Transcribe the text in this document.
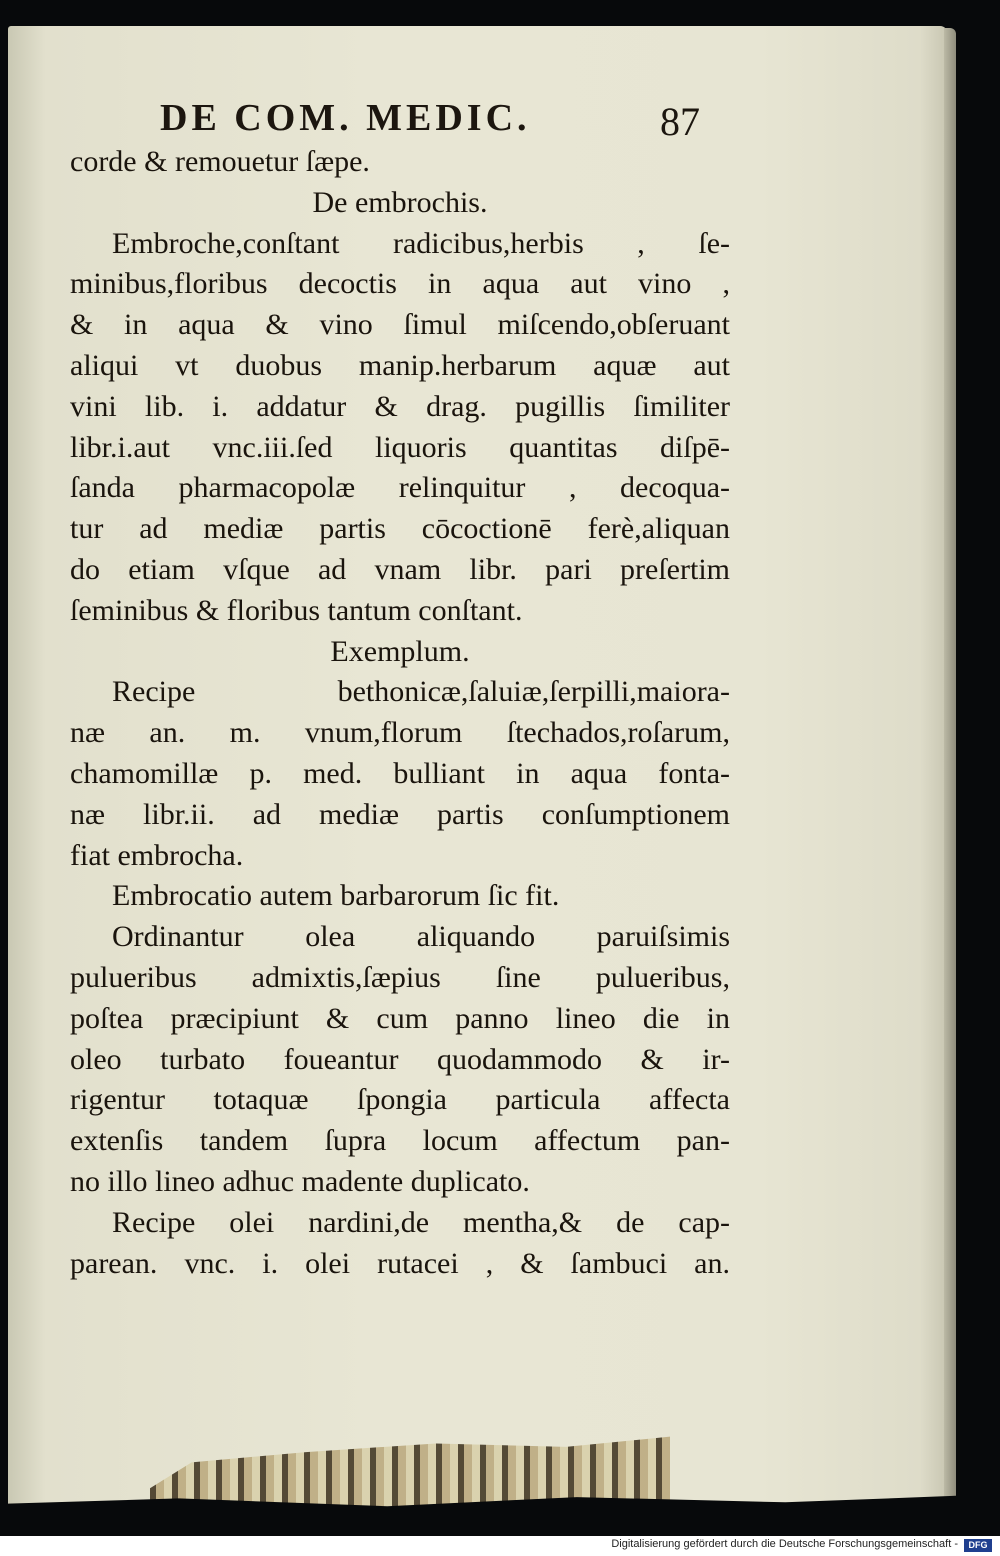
DE COM. MEDIC.	87
corde & remouetur ſæpe.
De embrochis.
Embroche,conſtant radicibus,herbis , ſe-
minibus,floribus decoctis in aqua aut vino ,
& in aqua & vino ſimul miſcendo,obſeruant
aliqui vt duobus manip.herbarum aquæ aut
vini lib. i. addatur & drag. pugillis ſimiliter
libr.i.aut vnc.iii.ſed liquoris quantitas diſpē-
ſanda pharmacopolæ relinquitur , decoqua-
tur ad mediæ partis cōcoctionē ferè,aliquan
do etiam vſque ad vnam libr. pari preſertim
ſeminibus & floribus tantum conſtant.
Exemplum.
Recipe bethonicæ,ſaluiæ,ſerpilli,maiora-
næ an. m. vnum,florum ſtechados,roſarum,
chamomillæ p. med. bulliant in aqua fonta-
næ libr.ii. ad mediæ partis conſumptionem
fiat embrocha.
Embrocatio autem barbarorum ſic fit.
Ordinantur olea aliquando paruiſsimis
pulueribus admixtis,ſæpius ſine pulueribus,
poſtea præcipiunt & cum panno lineo die in
oleo turbato foueantur quodammodo & ir-
rigentur totaquæ ſpongia particula affecta
extenſis tandem ſupra locum affectum pan-
no illo lineo adhuc madente duplicato.
Recipe olei nardini,de mentha,& de cap-
parean. vnc. i. olei rutacei , & ſambuci an.
Digitalisierung gefördert durch die Deutsche Forschungsgemeinschaft -	DFG
